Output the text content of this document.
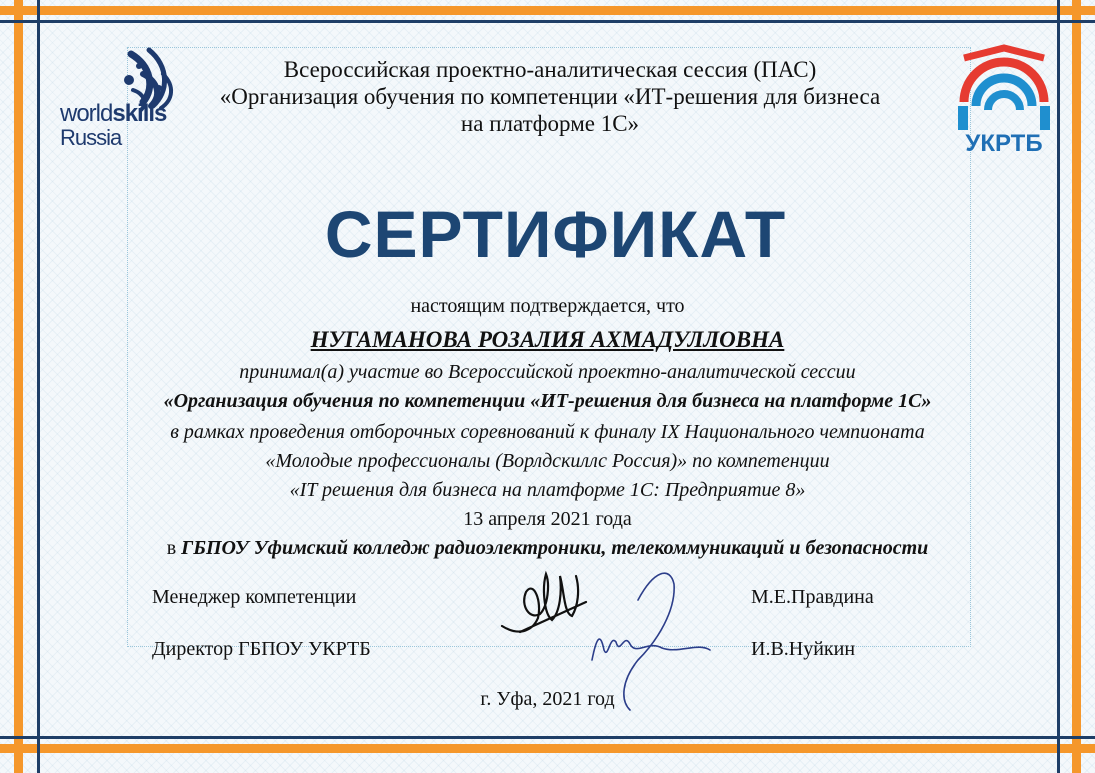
worldskills
Russia	УКРТБ
Всероссийская проектно-аналитическая сессия (ПАС)
«Организация обучения по компетенции «ИТ-решения для бизнеса
на платформе 1С»
СЕРТИФИКАТ
настоящим подтверждается, что
НУГАМАНОВА РОЗАЛИЯ АХМАДУЛЛОВНА
принимал(а) участие во Всероссийской проектно-аналитической сессии
«Организация обучения по компетенции «ИТ-решения для бизнеса на платформе 1С»
в рамках проведения отборочных соревнований к финалу IX Национального чемпионата
«Молодые профессионалы (Ворлдскиллс Россия)» по компетенции
«IT решения для бизнеса на платформе 1С: Предприятие 8»
13 апреля 2021 года
в ГБПОУ Уфимский колледж радиоэлектроники, телекоммуникаций и безопасности
Менеджер компетенции	М.Е.Правдина
Директор ГБПОУ УКРТБ	И.В.Нуйкин
г. Уфа, 2021 год
